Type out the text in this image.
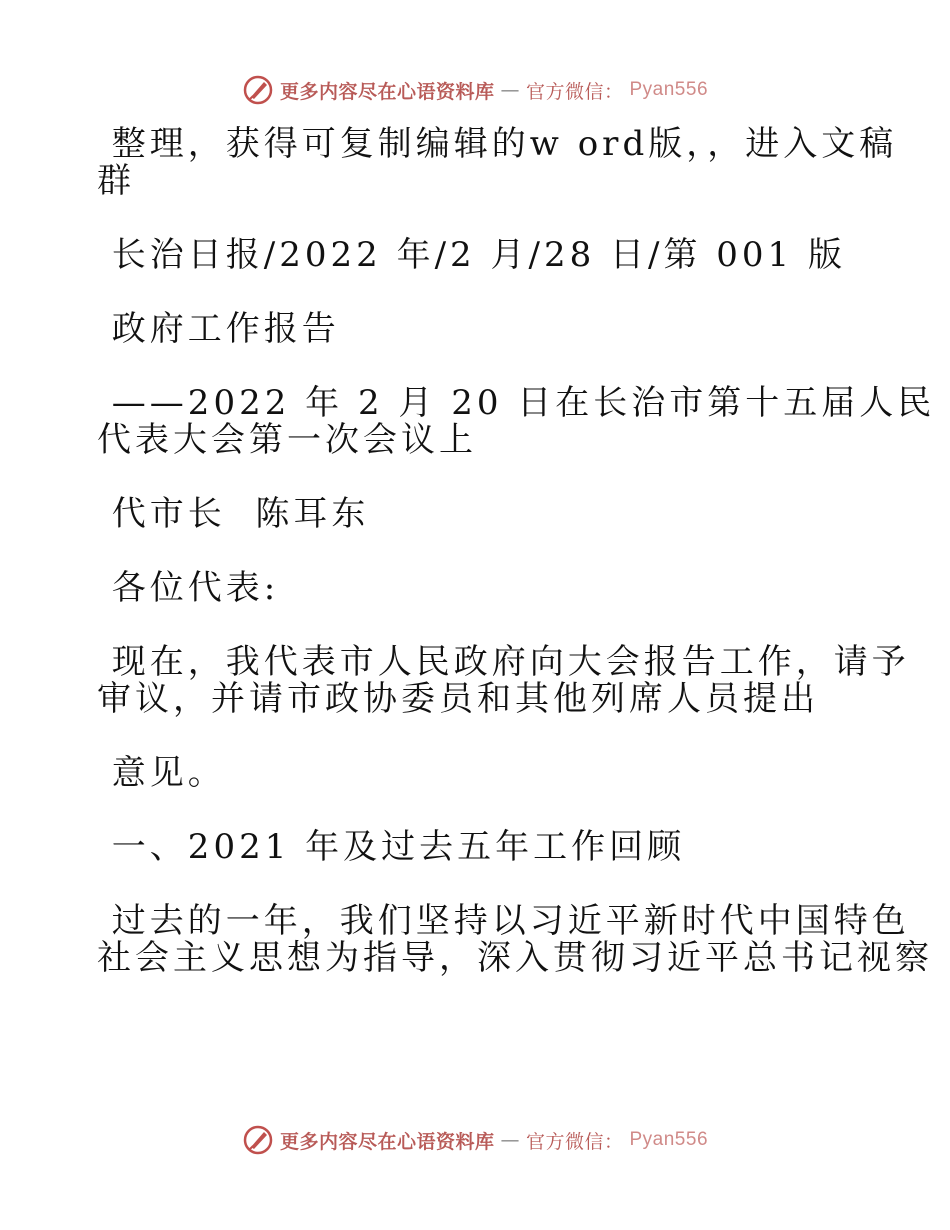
更多内容尽在心语资料库 — 官方微信： Pyan556

整理，获得可复制编辑的w ord版，，进入文稿

群

长治日报/2022 年/2 月/28 日/第 001 版

政府工作报告

——2022 年 2 月 20 日在长治市第十五届人民

代表大会第一次会议上

代市长  陈耳东

各位代表:

现在，我代表市人民政府向大会报告工作，请予

审议，并请市政协委员和其他列席人员提出

意见。

一、2021 年及过去五年工作回顾

过去的一年，我们坚持以习近平新时代中国特色

社会主义思想为指导，深入贯彻习近平总书记视察

更多内容尽在心语资料库 — 官方微信： Pyan556
